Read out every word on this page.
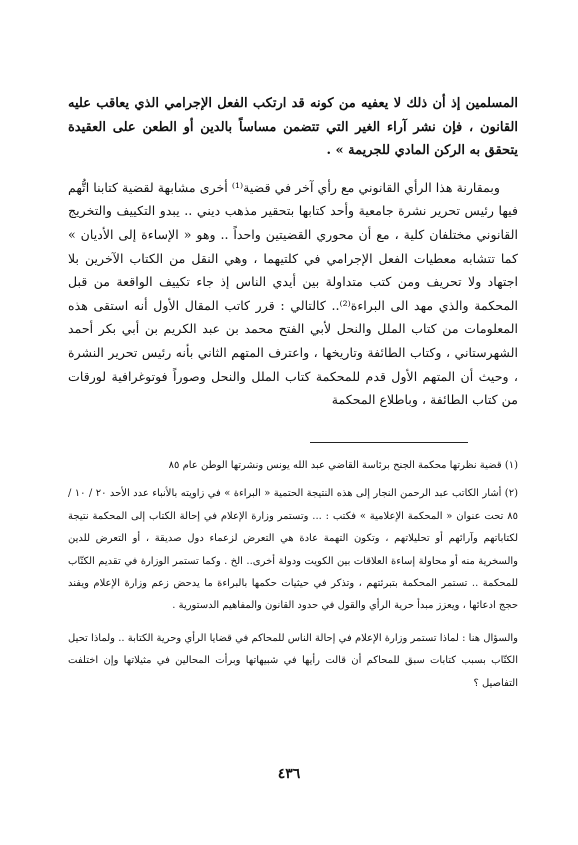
المسلمين إذ أن ذلك لا يعفيه من كونه قد ارتكب الفعل الإجرامي الذي يعاقب عليه القانون ، فإن نشر آراء الغير التي تتضمن مساساً بالدين أو الطعن على العقيدة يتحقق به الركن المادي للجريمة » .

وبمقارنة هذا الرأي القانوني مع رأي آخر في قضية⁽¹⁾ أخرى مشابهة لقضية كتابنا اتُّهم فيها رئيس تحرير نشرة جامعية وأحد كتابها بتحقير مذهب ديني .. يبدو التكييف والتخريج القانوني مختلفان كلية ، مع أن محوري القضيتين واحداً .. وهو « الإساءة إلى الأديان » كما تتشابه معطيات الفعل الإجرامي في كلتيهما ، وهي النقل من الكتاب الآخرين بلا اجتهاد ولا تحريف ومن كتب متداولة بين أيدي الناس إذ جاء تكييف الواقعة من قبل المحكمة والذي مهد الى البراءة⁽²⁾.. كالتالي : قرر كاتب المقال الأول أنه استقى هذه المعلومات من كتاب الملل والنحل لأبي الفتح محمد بن عبد الكريم بن أبي بكر أحمد الشهرستاني ، وكتاب الطائفة وتاريخها ، واعترف المتهم الثاني بأنه رئيس تحرير النشرة ، وحيث أن المتهم الأول قدم للمحكمة كتاب الملل والنحل وصوراً فوتوغرافية لورقات من كتاب الطائفة ، وباطلاع المحكمة

(١) قضية نظرتها محكمة الجنح برئاسة القاضي عبد الله يونس ونشرتها الوطن عام ٨٥

(٢) أشار الكاتب عبد الرحمن النجار إلى هذه النتيجة الحتمية « البراءة » في زاويته بالأنباء عدد الأحد ٢٠ / ١٠ / ٨٥ تحت عنوان « المحكمة الإعلامية » فكتب : ... وتستمر وزارة الإعلام في إحالة الكتاب إلى المحكمة نتيجة لكتاباتهم وآرائهم أو تحليلاتهم ، وتكون التهمة عادة هي التعرض لزعماء دول صديقة ، أو التعرض للدين والسخرية منه أو محاولة إساءة العلاقات بين الكويت ودولة أخرى.. الخ . وكما تستمر الوزارة في تقديم الكتّاب للمحكمة .. تستمر المحكمة بتبرئتهم ، وتذكر في حيثيات حكمها بالبراءة ما يدحض زعم وزارة الإعلام ويفند حجج ادعائها ، ويعزز مبدأ حرية الرأي والقول في حدود القانون والمفاهيم الدستورية .

والسؤال هنا : لماذا تستمر وزارة الإعلام في إحالة الناس للمحاكم في قضايا الرأي وحرية الكتابة .. ولماذا تحيل الكتّاب بسبب كتابات سبق للمحاكم أن قالت رأيها في شبيهاتها وبرأت المحالين في مثيلاتها وإن اختلفت التفاصيل ؟

٤٣٦
